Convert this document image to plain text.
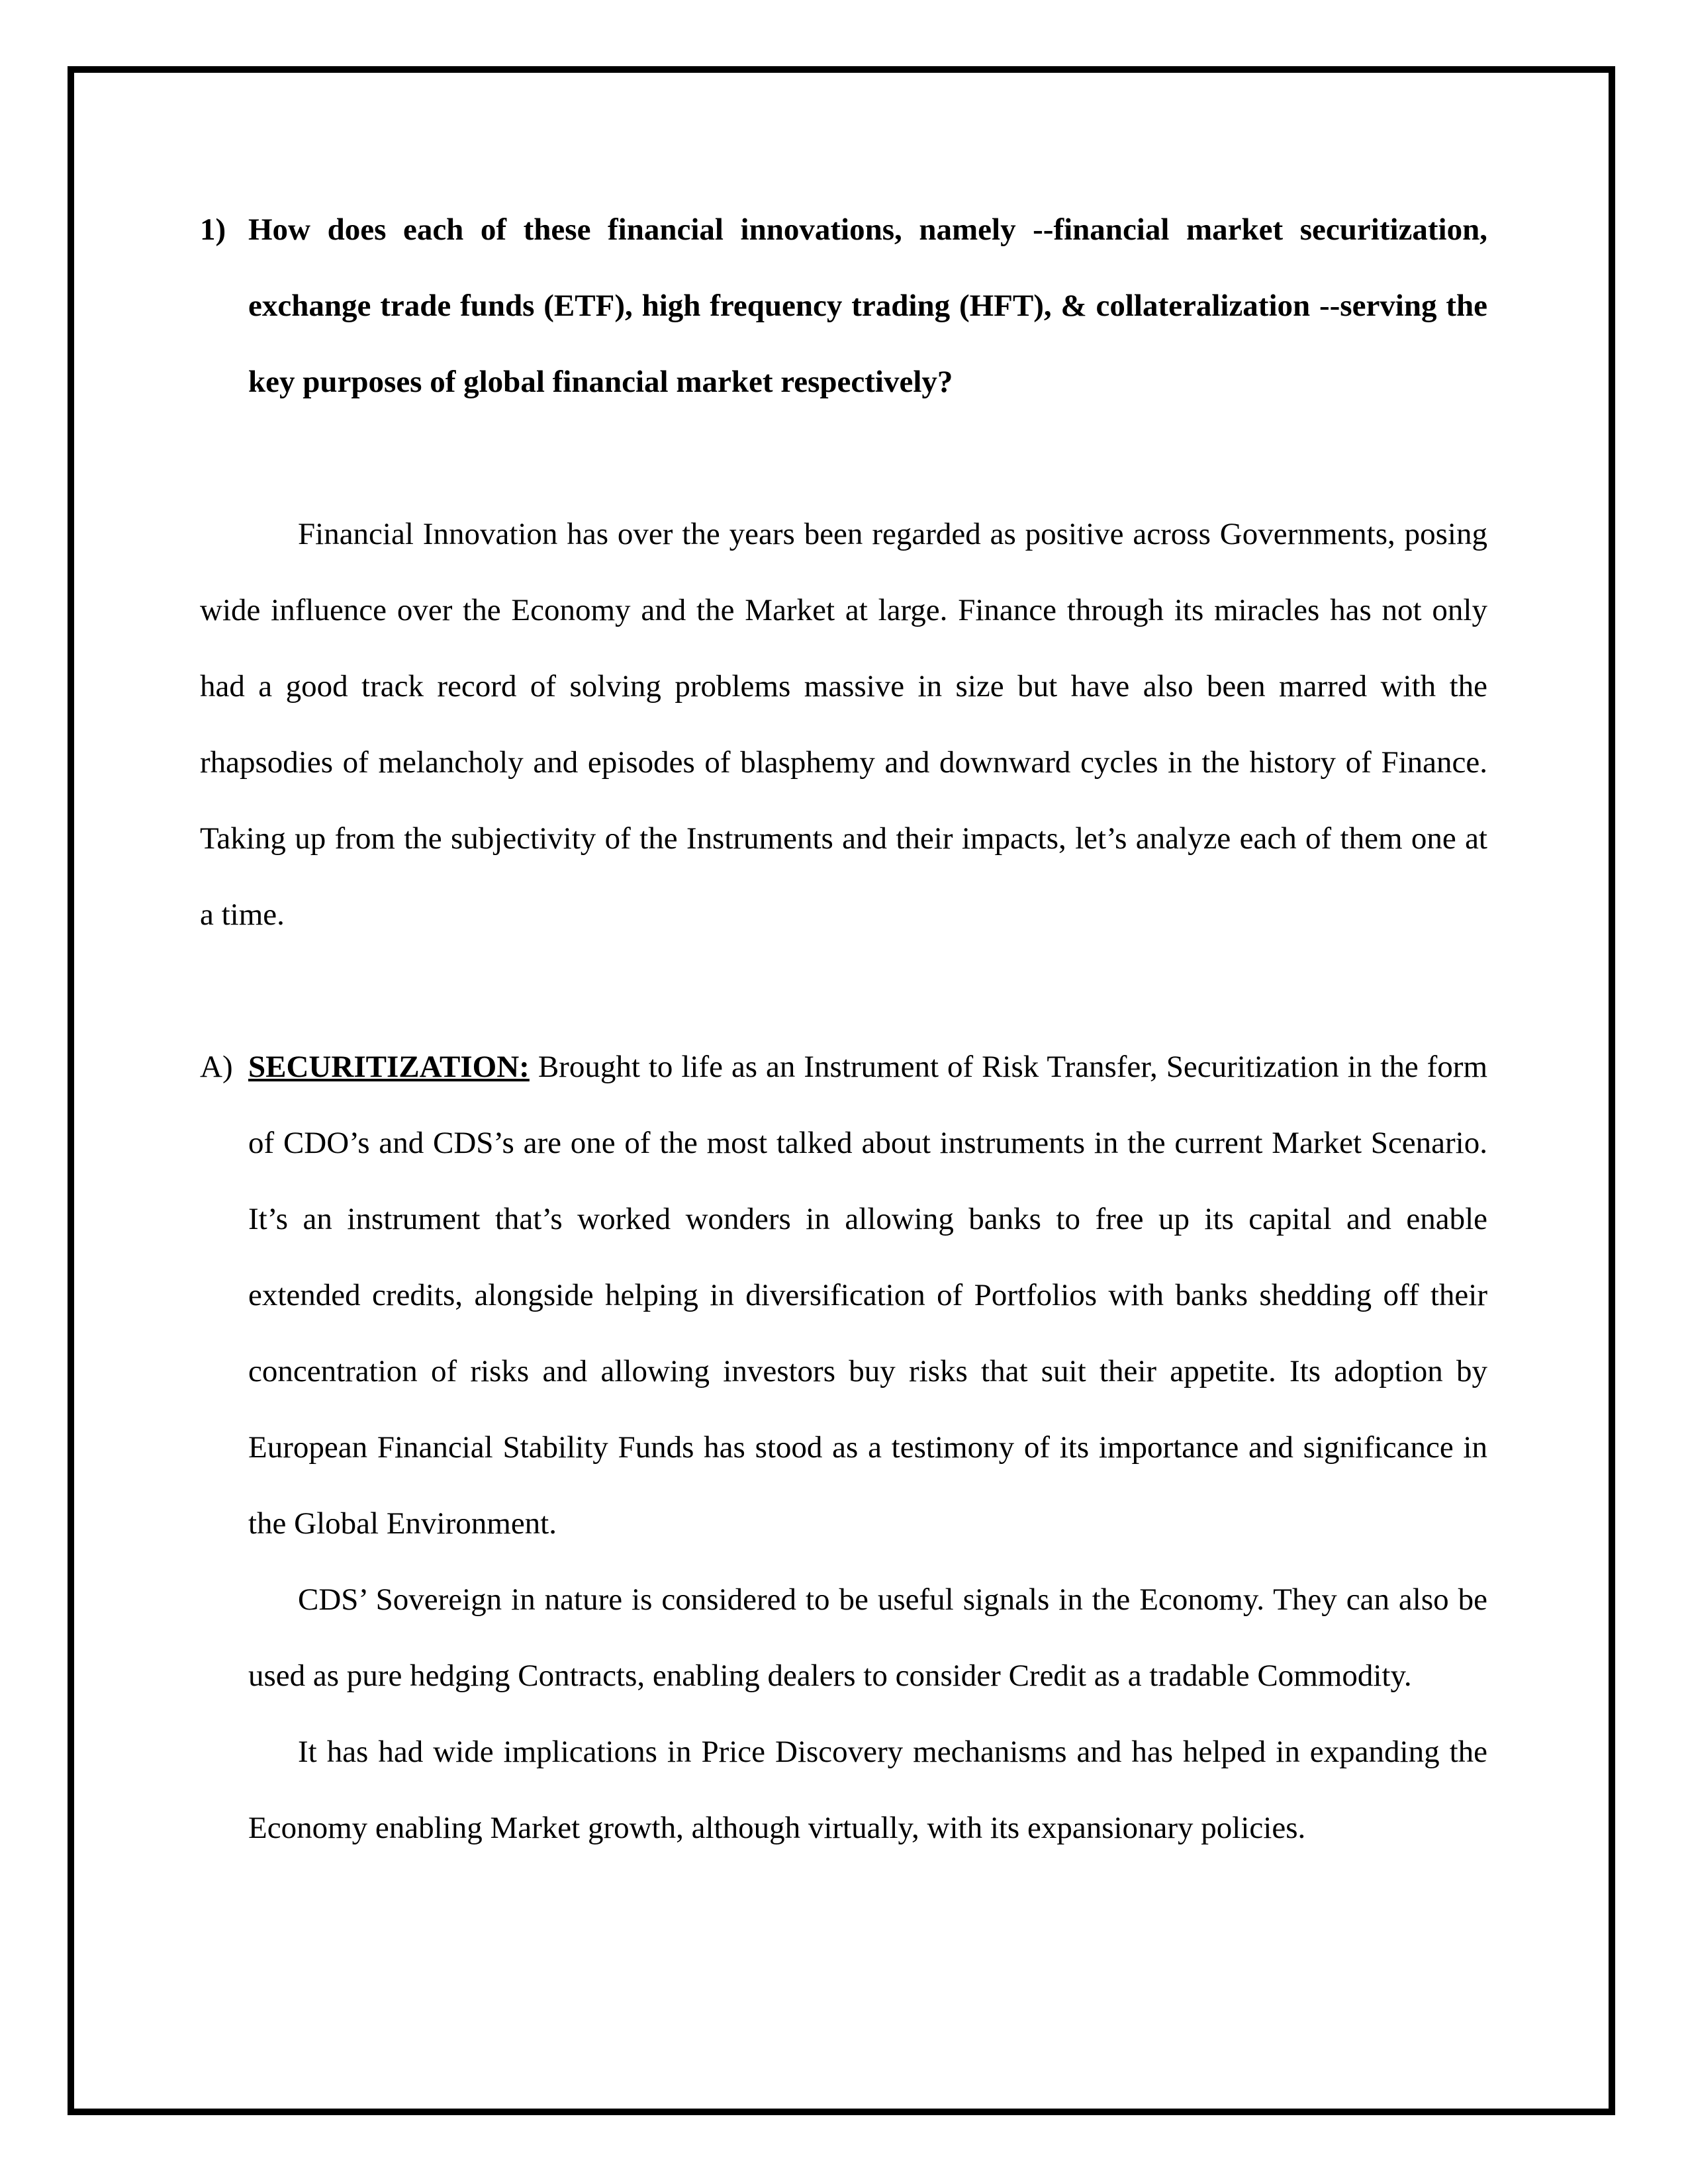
1) How does each of these financial innovations, namely --financial market securitization, exchange trade funds (ETF), high frequency trading (HFT), & collateralization --serving the key purposes of global financial market respectively?

Financial Innovation has over the years been regarded as positive across Governments, posing wide influence over the Economy and the Market at large. Finance through its miracles has not only had a good track record of solving problems massive in size but have also been marred with the rhapsodies of melancholy and episodes of blasphemy and downward cycles in the history of Finance. Taking up from the subjectivity of the Instruments and their impacts, let’s analyze each of them one at a time.

A) SECURITIZATION: Brought to life as an Instrument of Risk Transfer, Securitization in the form of CDO’s and CDS’s are one of the most talked about instruments in the current Market Scenario. It’s an instrument that’s worked wonders in allowing banks to free up its capital and enable extended credits, alongside helping in diversification of Portfolios with banks shedding off their concentration of risks and allowing investors buy risks that suit their appetite. Its adoption by European Financial Stability Funds has stood as a testimony of its importance and significance in the Global Environment.
CDS’ Sovereign in nature is considered to be useful signals in the Economy. They can also be used as pure hedging Contracts, enabling dealers to consider Credit as a tradable Commodity.
It has had wide implications in Price Discovery mechanisms and has helped in expanding the Economy enabling Market growth, although virtually, with its expansionary policies.
